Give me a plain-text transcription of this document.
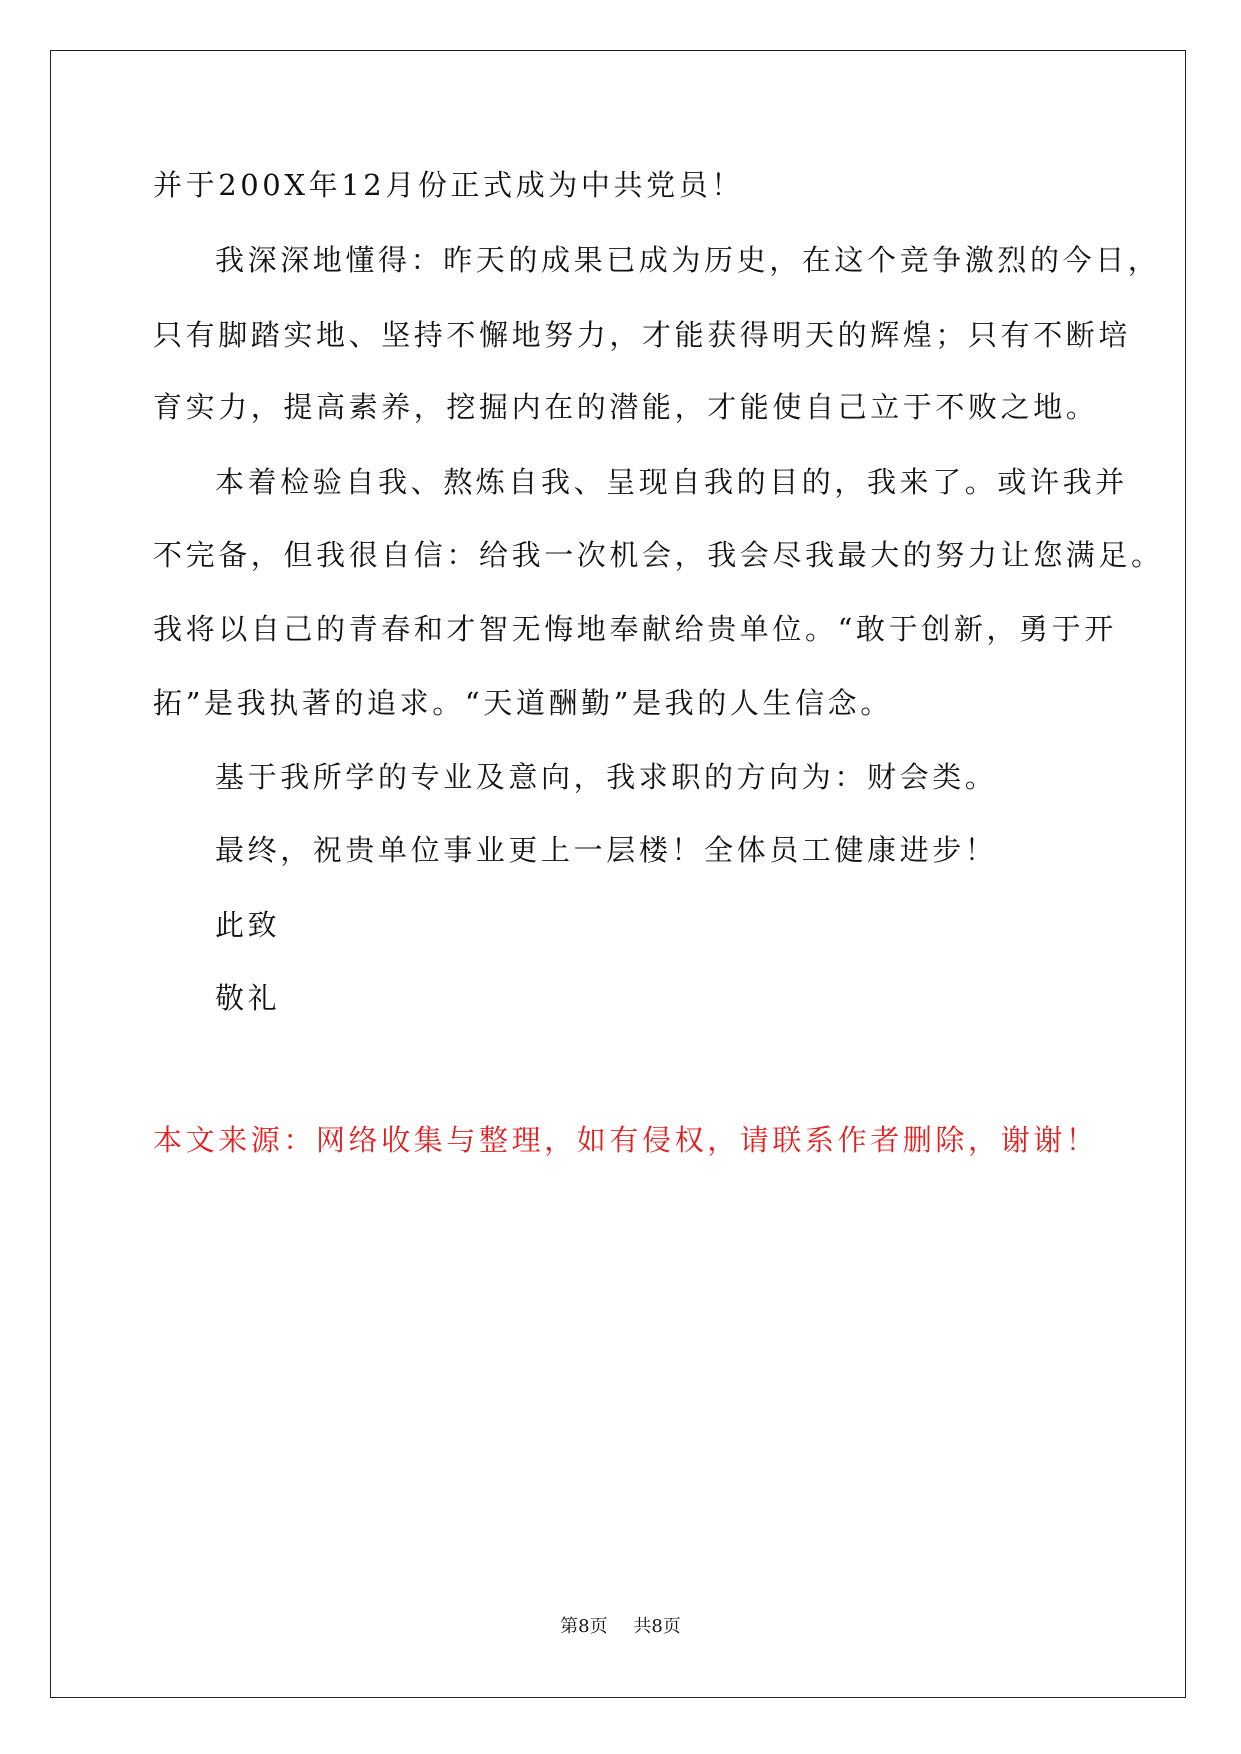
并于200X年12月份正式成为中共党员！
我深深地懂得：昨天的成果已成为历史，在这个竞争激烈的今日，
只有脚踏实地、坚持不懈地努力，才能获得明天的辉煌；只有不断培
育实力，提高素养，挖掘内在的潜能，才能使自己立于不败之地。
本着检验自我、熬炼自我、呈现自我的目的，我来了。或许我并
不完备，但我很自信：给我一次机会，我会尽我最大的努力让您满足。
我将以自己的青春和才智无悔地奉献给贵单位。“敢于创新，勇于开
拓”是我执著的追求。“天道酬勤”是我的人生信念。
基于我所学的专业及意向，我求职的方向为：财会类。
最终，祝贵单位事业更上一层楼！全体员工健康进步！
此致
敬礼
本文来源：网络收集与整理，如有侵权，请联系作者删除，谢谢！
第8页 共8页
